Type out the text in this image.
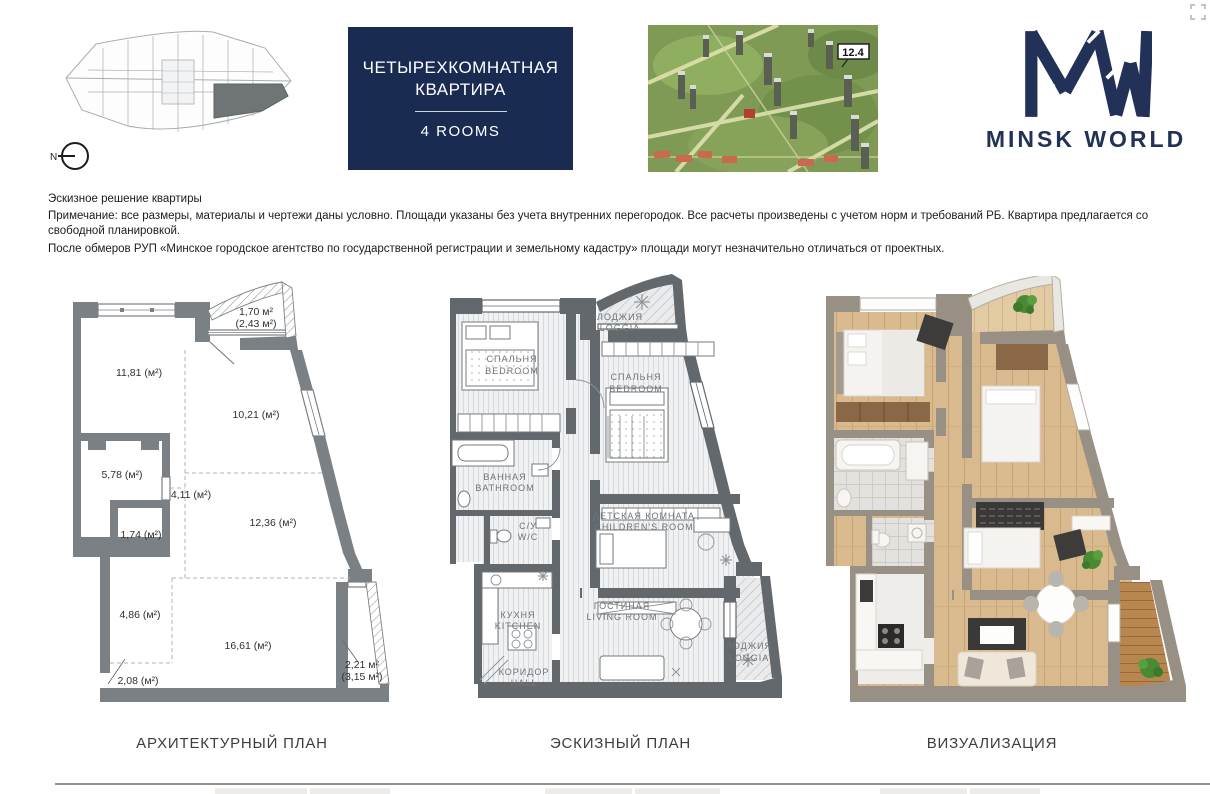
N
ЧЕТЫРЕХКОМНАТНАЯ
КВАРТИРА
4 ROOMS
12.4
MINSK WORLD
Эскизное решение квартиры
Примечание: все размеры, материалы и чертежи даны условно. Площади указаны без учета внутренних перегородок. Все расчеты произведены с учетом норм и требований РБ. Квартира предлагается со свободной планировкой.
После обмеров РУП «Минское городское агентство по государственной регистрации и земельному кадастру» площади могут незначительно отличаться от проектных.
1,70 м²
(2,43 м²)
11,81 (м²)
10,21 (м²)
5,78 (м²)
4,11 (м²)
1,74 (м²)
12,36 (м²)
4,86 (м²)
16,61 (м²)
2,08 (м²)
2,21 м²
(3,15 м²)
ЛОДЖИЯ
LOGGIA
СПАЛЬНЯ
BEDROOM
СПАЛЬНЯ
BEDROOM
ВАННАЯ
BATHROOM
С/У
W/C
ДЕТСКАЯ КОМНАТА
CHILDREN'S ROOM
КУХНЯ
KITCHEN
ГОСТИНАЯ
LIVING ROOM
КОРИДОР
HALL
ЛОДЖИЯ
LOGGIA
АРХИТЕКТУРНЫЙ ПЛАН	ЭСКИЗНЫЙ ПЛАН	ВИЗУАЛИЗАЦИЯ
